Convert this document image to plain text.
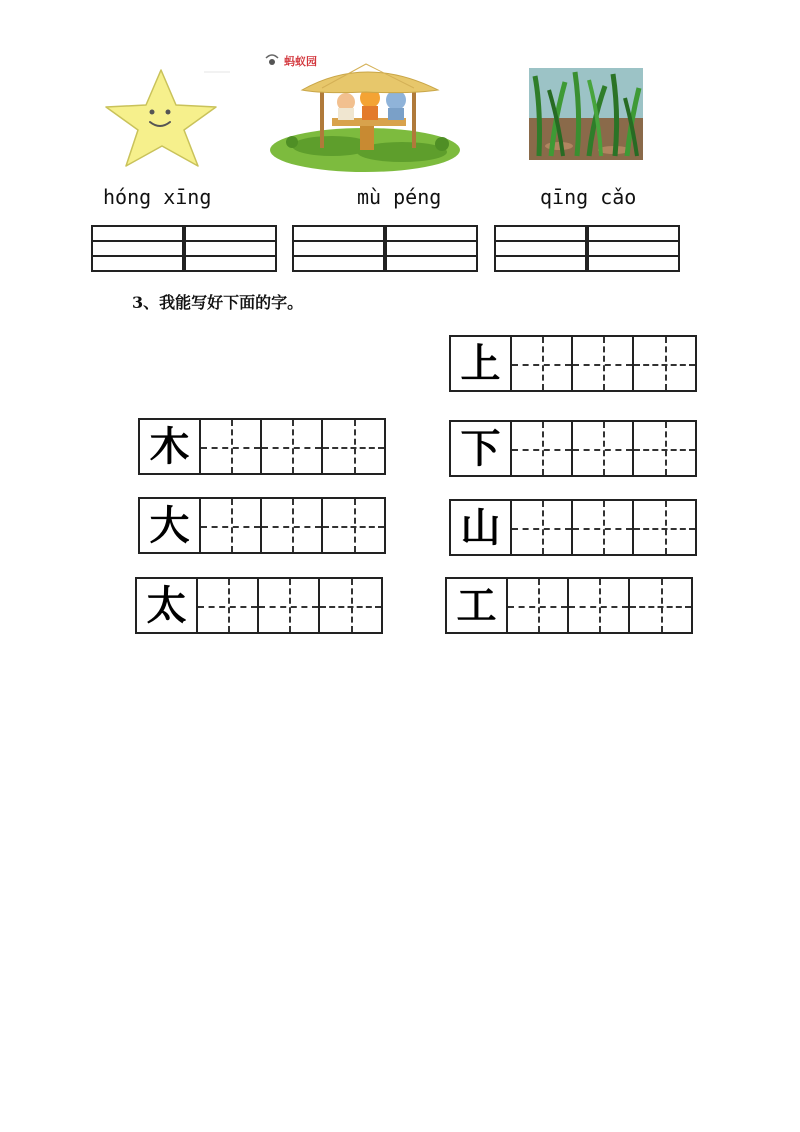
蚂蚁园
hóng xīng	mù péng	qīng cǎo
3、我能写好下面的字。
上
下
山
工
木
大
太
